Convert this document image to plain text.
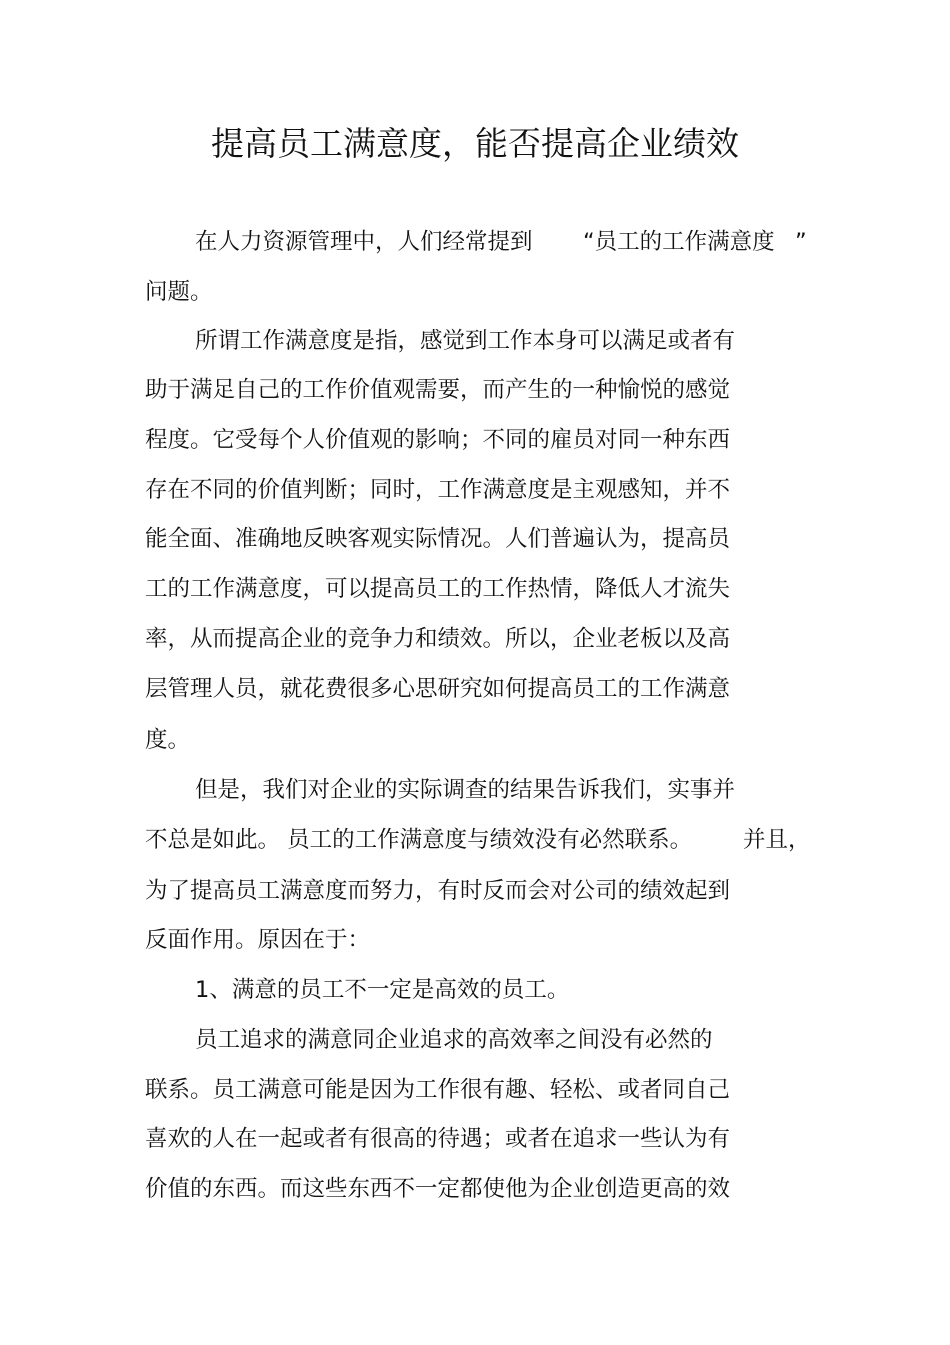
提高员工满意度，能否提高企业绩效
在人力资源管理中，人们经常提到 “员工的工作满意度 ”
问题。
所谓工作满意度是指，感觉到工作本身可以满足或者有
助于满足自己的工作价值观需要，而产生的一种愉悦的感觉
程度。它受每个人价值观的影响；不同的雇员对同一种东西
存在不同的价值判断；同时，工作满意度是主观感知，并不
能全面、准确地反映客观实际情况。人们普遍认为，提高员
工的工作满意度，可以提高员工的工作热情，降低人才流失
率，从而提高企业的竞争力和绩效。所以，企业老板以及高
层管理人员，就花费很多心思研究如何提高员工的工作满意
度。
但是，我们对企业的实际调查的结果告诉我们，实事并
不总是如此。 员工的工作满意度与绩效没有必然联系。 并且，
为了提高员工满意度而努力，有时反而会对公司的绩效起到
反面作用。原因在于：
1、满意的员工不一定是高效的员工。
员工追求的满意同企业追求的高效率之间没有必然的
联系。员工满意可能是因为工作很有趣、轻松、或者同自己
喜欢的人在一起或者有很高的待遇；或者在追求一些认为有
价值的东西。而这些东西不一定都使他为企业创造更高的效
